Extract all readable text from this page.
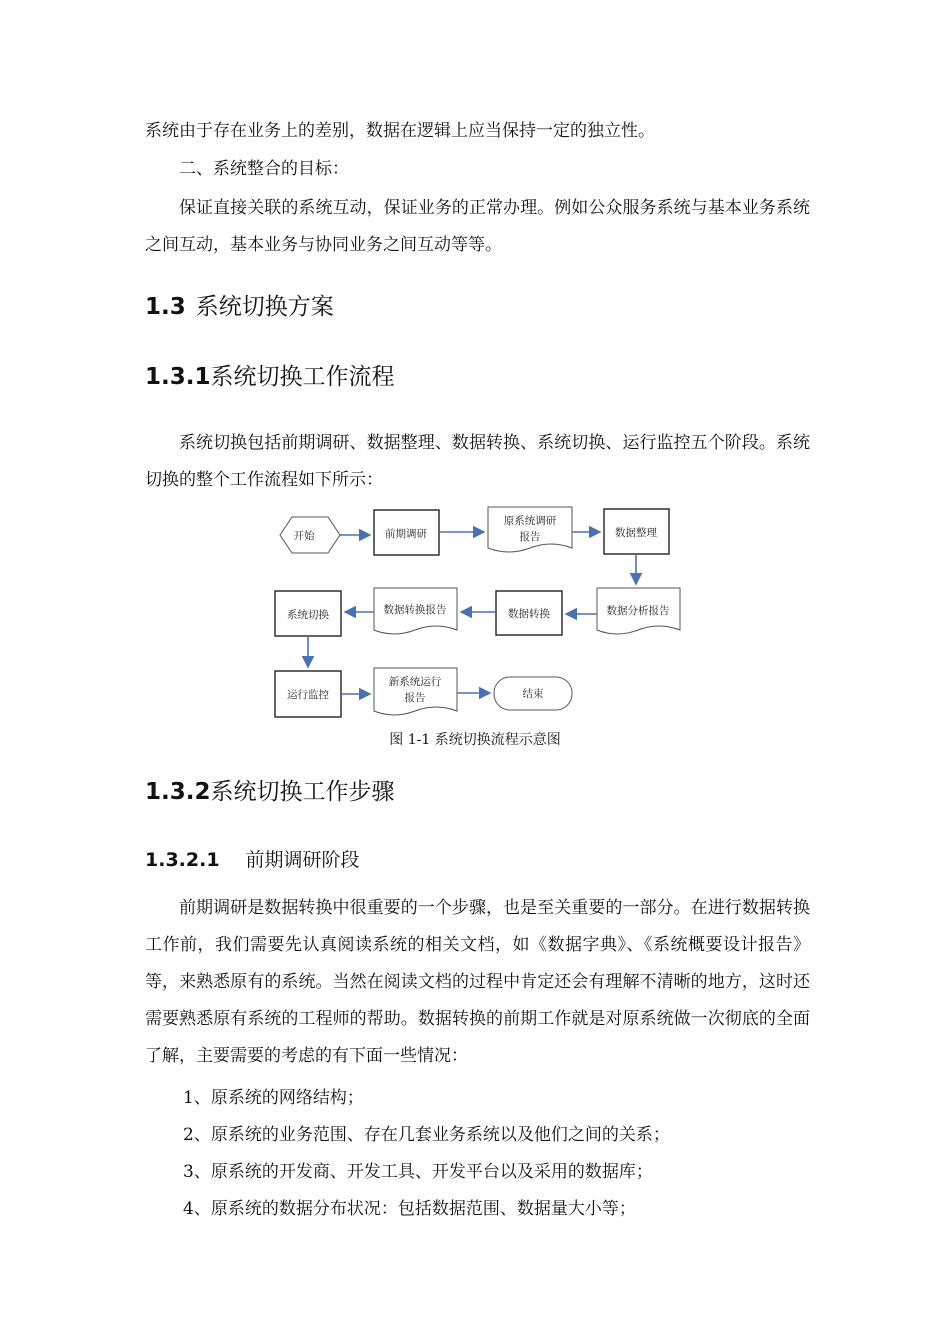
系统由于存在业务上的差别，数据在逻辑上应当保持一定的独立性。

二、系统整合的目标：

保证直接关联的系统互动，保证业务的正常办理。例如公众服务系统与基本业务系统之间互动，基本业务与协同业务之间互动等等。

1.3 系统切换方案
1.3.1系统切换工作流程

系统切换包括前期调研、数据整理、数据转换、系统切换、运行监控五个阶段。系统切换的整个工作流程如下所示：

开始	前期调研
原系统调研
报告	数据整理
数据分析报告
数据转换
数据转换报告
系统切换
运行监控
新系统运行
报告	结束
图 1-1 系统切换流程示意图
1.3.2系统切换工作步骤
1.3.2.1 前期调研阶段

前期调研是数据转换中很重要的一个步骤，也是至关重要的一部分。在进行数据转换工作前，我们需要先认真阅读系统的相关文档，如《数据字典》、《系统概要设计报告》等，来熟悉原有的系统。当然在阅读文档的过程中肯定还会有理解不清晰的地方，这时还需要熟悉原有系统的工程师的帮助。数据转换的前期工作就是对原系统做一次彻底的全面了解，主要需要的考虑的有下面一些情况：

1、原系统的网络结构；

2、原系统的业务范围、存在几套业务系统以及他们之间的关系；

3、原系统的开发商、开发工具、开发平台以及采用的数据库；

4、原系统的数据分布状况：包括数据范围、数据量大小等；
